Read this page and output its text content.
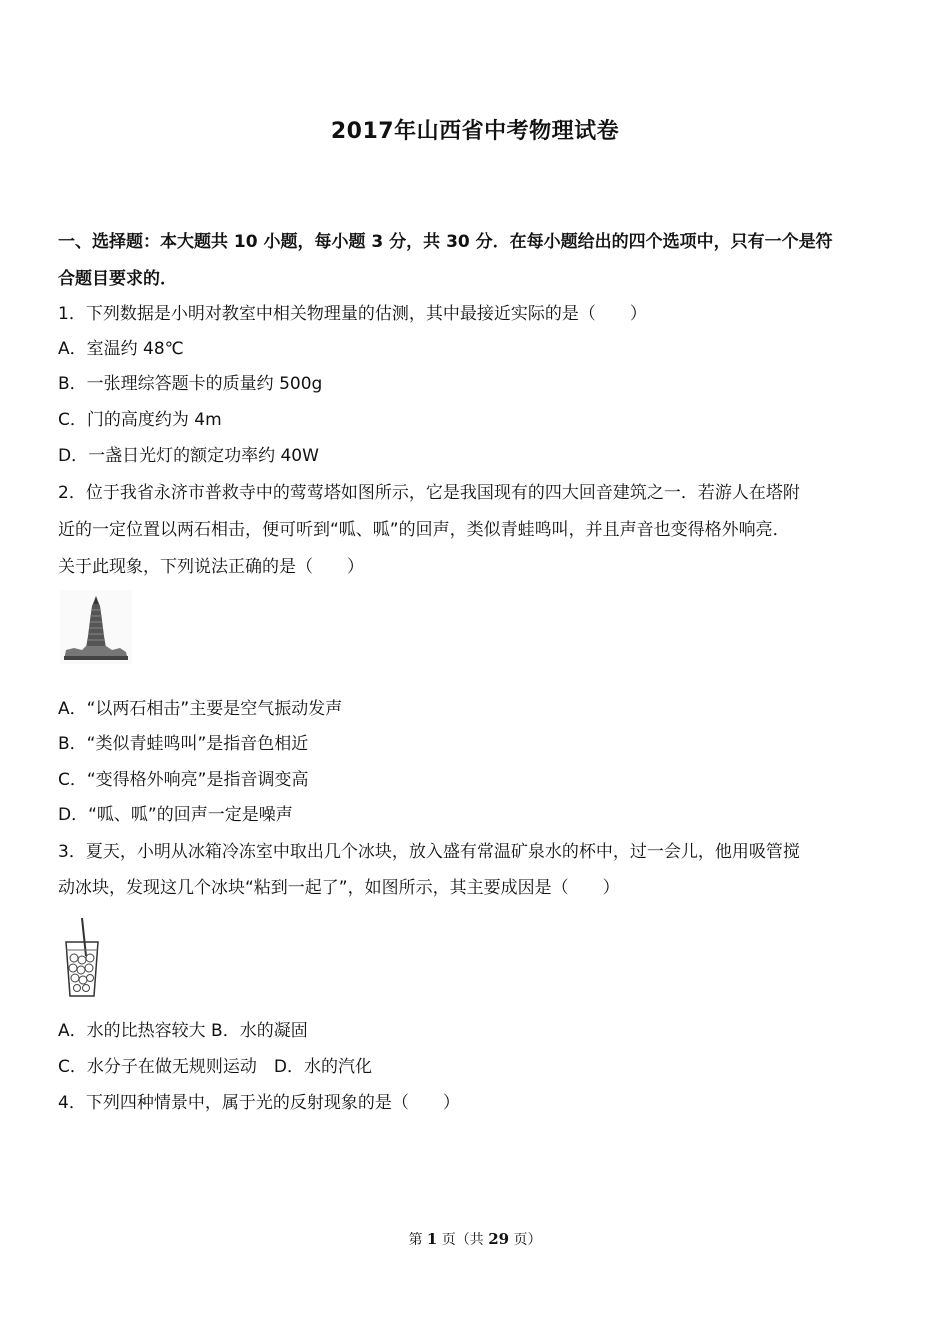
2017年山西省中考物理试卷
一、选择题：本大题共 10 小题，每小题 3 分，共 30 分．在每小题给出的四个选项中，只有一个是符
合题目要求的．
1．下列数据是小明对教室中相关物理量的估测，其中最接近实际的是（　　）
A．室温约 48℃
B．一张理综答题卡的质量约 500g
C．门的高度约为 4m
D．一盏日光灯的额定功率约 40W
2．位于我省永济市普救寺中的莺莺塔如图所示，它是我国现有的四大回音建筑之一．若游人在塔附
近的一定位置以两石相击，便可听到“呱、呱”的回声，类似青蛙鸣叫，并且声音也变得格外响亮．
关于此现象，下列说法正确的是（　　）
A．“以两石相击”主要是空气振动发声
B．“类似青蛙鸣叫”是指音色相近
C．“变得格外响亮”是指音调变高
D．“呱、呱”的回声一定是噪声
3．夏天，小明从冰箱冷冻室中取出几个冰块，放入盛有常温矿泉水的杯中，过一会儿，他用吸管搅
动冰块，发现这几个冰块“粘到一起了”，如图所示，其主要成因是（　　）
A．水的比热容较大 B．水的凝固
C．水分子在做无规则运动　D．水的汽化
4．下列四种情景中，属于光的反射现象的是（　　）
第 1 页（共 29 页）
